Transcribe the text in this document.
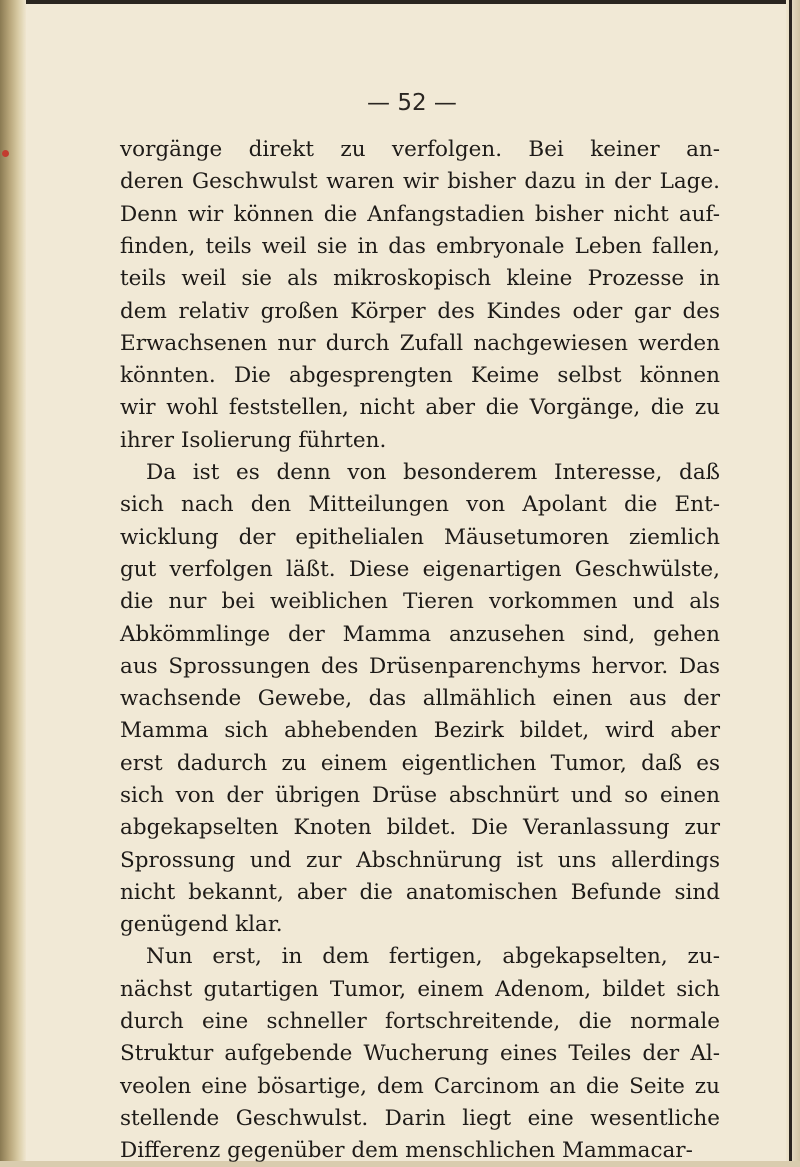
— 52 —
vorgänge direkt zu verfolgen. Bei keiner an-
deren Geschwulst waren wir bisher dazu in der Lage.
Denn wir können die Anfangstadien bisher nicht auf-
finden, teils weil sie in das embryonale Leben fallen,
teils weil sie als mikroskopisch kleine Prozesse in
dem relativ großen Körper des Kindes oder gar des
Erwachsenen nur durch Zufall nachgewiesen werden
könnten. Die abgesprengten Keime selbst können
wir wohl feststellen, nicht aber die Vorgänge, die zu
ihrer Isolierung führten.
Da ist es denn von besonderem Interesse, daß
sich nach den Mitteilungen von Apolant die Ent-
wicklung der epithelialen Mäusetumoren ziemlich
gut verfolgen läßt. Diese eigenartigen Geschwülste,
die nur bei weiblichen Tieren vorkommen und als
Abkömmlinge der Mamma anzusehen sind, gehen
aus Sprossungen des Drüsenparenchyms hervor. Das
wachsende Gewebe, das allmählich einen aus der
Mamma sich abhebenden Bezirk bildet, wird aber
erst dadurch zu einem eigentlichen Tumor, daß es
sich von der übrigen Drüse abschnürt und so einen
abgekapselten Knoten bildet. Die Veranlassung zur
Sprossung und zur Abschnürung ist uns allerdings
nicht bekannt, aber die anatomischen Befunde sind
genügend klar.
Nun erst, in dem fertigen, abgekapselten, zu-
nächst gutartigen Tumor, einem Adenom, bildet sich
durch eine schneller fortschreitende, die normale
Struktur aufgebende Wucherung eines Teiles der Al-
veolen eine bösartige, dem Carcinom an die Seite zu
stellende Geschwulst. Darin liegt eine wesentliche
Differenz gegenüber dem menschlichen Mammacar-
